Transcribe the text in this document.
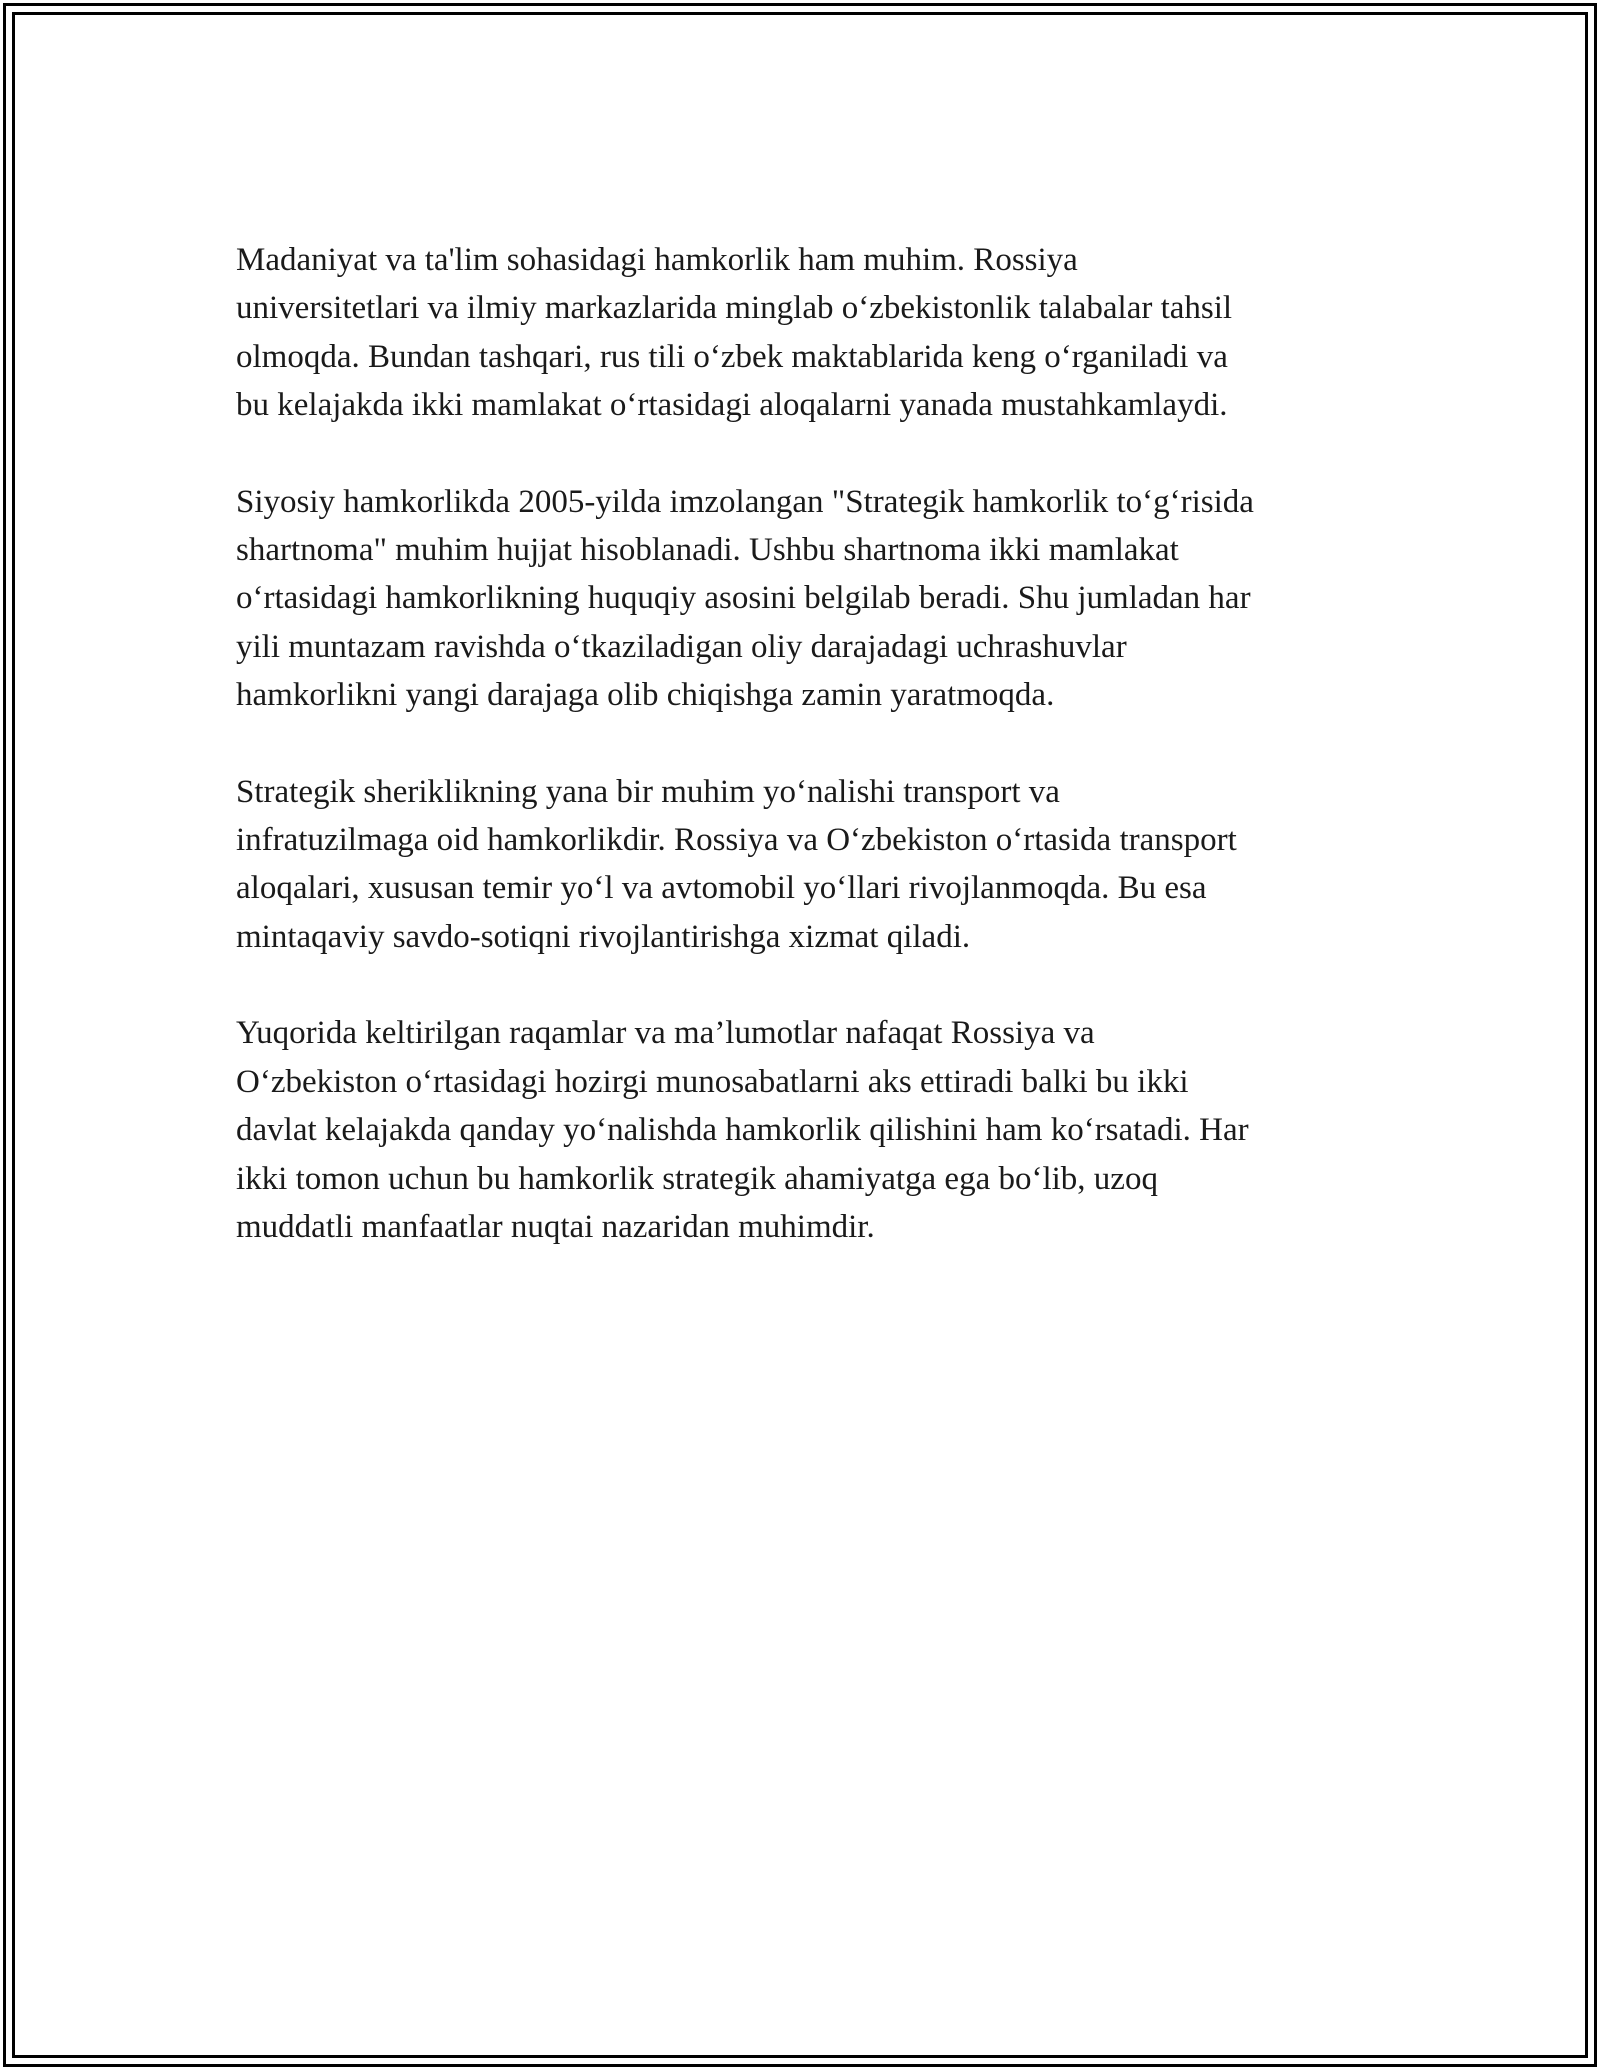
Madaniyat va ta'lim sohasidagi hamkorlik ham muhim. Rossiya
universitetlari va ilmiy markazlarida minglab o‘zbekistonlik talabalar tahsil
olmoqda. Bundan tashqari, rus tili o‘zbek maktablarida keng o‘rganiladi va
bu kelajakda ikki mamlakat o‘rtasidagi aloqalarni yanada mustahkamlaydi.

Siyosiy hamkorlikda 2005-yilda imzolangan "Strategik hamkorlik to‘g‘risida
shartnoma" muhim hujjat hisoblanadi. Ushbu shartnoma ikki mamlakat
o‘rtasidagi hamkorlikning huquqiy asosini belgilab beradi. Shu jumladan har
yili muntazam ravishda o‘tkaziladigan oliy darajadagi uchrashuvlar
hamkorlikni yangi darajaga olib chiqishga zamin yaratmoqda.

Strategik sheriklikning yana bir muhim yo‘nalishi transport va
infratuzilmaga oid hamkorlikdir. Rossiya va O‘zbekiston o‘rtasida transport
aloqalari, xususan temir yo‘l va avtomobil yo‘llari rivojlanmoqda. Bu esa
mintaqaviy savdo-sotiqni rivojlantirishga xizmat qiladi.

Yuqorida keltirilgan raqamlar va ma’lumotlar nafaqat Rossiya va
O‘zbekiston o‘rtasidagi hozirgi munosabatlarni aks ettiradi balki bu ikki
davlat kelajakda qanday yo‘nalishda hamkorlik qilishini ham ko‘rsatadi. Har
ikki tomon uchun bu hamkorlik strategik ahamiyatga ega bo‘lib, uzoq
muddatli manfaatlar nuqtai nazaridan muhimdir.
